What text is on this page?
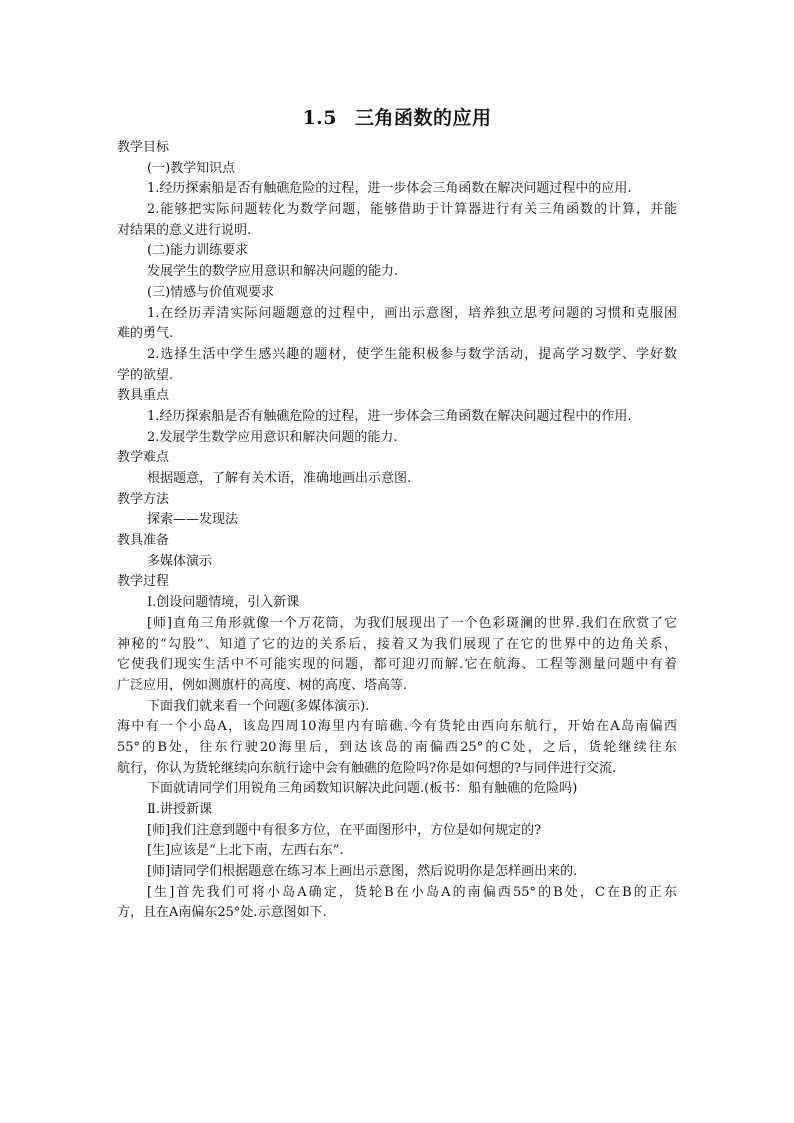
1.5 三角函数的应用
教学目标
(一)教学知识点
1.经历探索船是否有触礁危险的过程，进一步体会三角函数在解决问题过程中的应用.
2.能够把实际问题转化为数学问题，能够借助于计算器进行有关三角函数的计算，并能
对结果的意义进行说明.
(二)能力训练要求
发展学生的数学应用意识和解决问题的能力.
(三)情感与价值观要求
1.在经历弄清实际问题题意的过程中，画出示意图，培养独立思考问题的习惯和克服困
难的勇气.
2.选择生活中学生感兴趣的题材，使学生能积极参与数学活动，提高学习数学、学好数
学的欲望.
教具重点
1.经历探索船是否有触礁危险的过程，进一步体会三角函数在解决问题过程中的作用.
2.发展学生数学应用意识和解决问题的能力.
教学难点
根据题意，了解有关术语，准确地画出示意图.
教学方法
探索——发现法
教具准备
多媒体演示
教学过程
Ⅰ.创设问题情境，引入新课
[师]直角三角形就像一个万花筒，为我们展现出了一个色彩斑澜的世界.我们在欣赏了它
神秘的“勾股”、知道了它的边的关系后，接着又为我们展现了在它的世界中的边角关系，
它使我们现实生活中不可能实现的问题，都可迎刃而解.它在航海、工程等测量问题中有着
广泛应用，例如测旗杆的高度、树的高度、塔高等.
下面我们就来看一个问题(多媒体演示).
海中有一个小岛A，该岛四周10海里内有暗礁.今有货轮由西向东航行，开始在A岛南偏西
55°的B处，往东行驶20海里后，到达该岛的南偏西25°的C处，之后，货轮继续往东
航行，你认为货轮继续向东航行途中会有触礁的危险吗?你是如何想的?与同伴进行交流.
下面就请同学们用锐角三角函数知识解决此问题.(板书：船有触礁的危险吗)
Ⅱ.讲授新课
[师]我们注意到题中有很多方位，在平面图形中，方位是如何规定的?
[生]应该是“上北下南，左西右东”.
[师]请同学们根据题意在练习本上画出示意图，然后说明你是怎样画出来的.
[生]首先我们可将小岛A确定，货轮B在小岛A的南偏西55°的B处，C在B的正东
方，且在A南偏东25°处.示意图如下.
